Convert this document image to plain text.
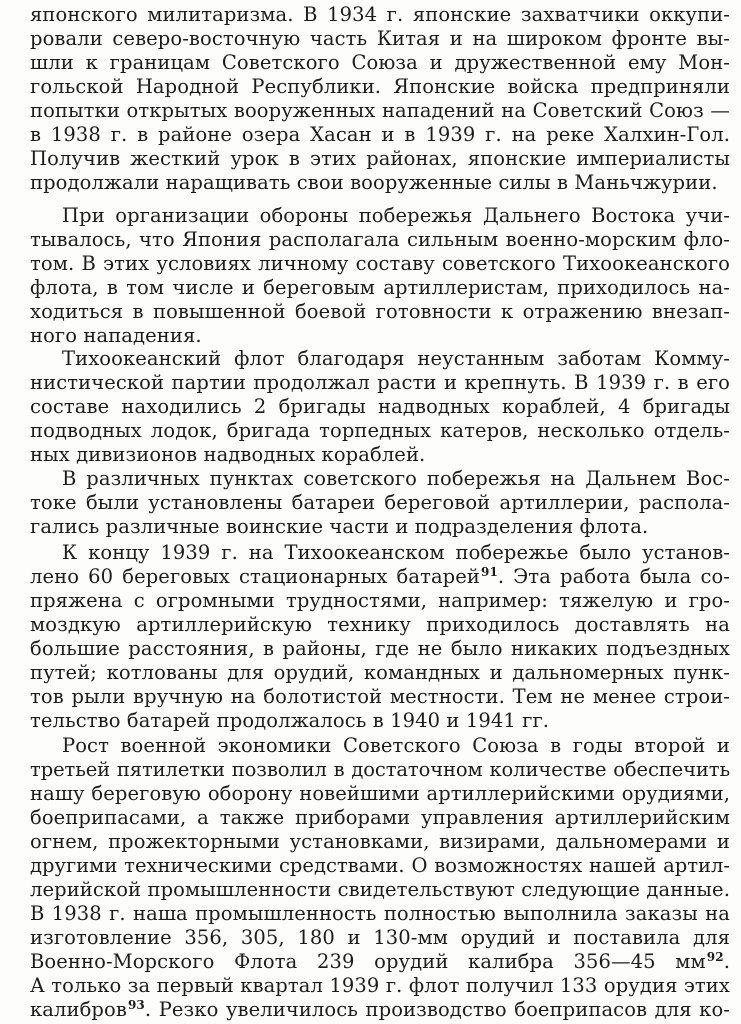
японского милитаризма. В 1934 г. японские захватчики оккупи-
ровали северо-восточную часть Китая и на широком фронте вы-
шли к границам Советского Союза и дружественной ему Мон-
гольской Народной Республики. Японские войска предприняли
попытки открытых вооруженных нападений на Советский Союз —
в 1938 г. в районе озера Хасан и в 1939 г. на реке Халхин-Гол.
Получив жесткий урок в этих районах, японские империалисты
продолжали наращивать свои вооруженные силы в Маньчжурии.
При организации обороны побережья Дальнего Востока учи-
тывалось, что Япония располагала сильным военно-морским фло-
том. В этих условиях личному составу советского Тихоокеанского
флота, в том числе и береговым артиллеристам, приходилось на-
ходиться в повышенной боевой готовности к отражению внезап-
ного нападения.
Тихоокеанский флот благодаря неустанным заботам Комму-
нистической партии продолжал расти и крепнуть. В 1939 г. в его
составе находились 2 бригады надводных кораблей, 4 бригады
подводных лодок, бригада торпедных катеров, несколько отдель-
ных дивизионов надводных кораблей.
В различных пунктах советского побережья на Дальнем Вос-
токе были установлены батареи береговой артиллерии, распола-
гались различные воинские части и подразделения флота.
К концу 1939 г. на Тихоокеанском побережье было установ-
лено 60 береговых стационарных батарей$^{91}$. Эта работа была со-
пряжена с огромными трудностями, например: тяжелую и гро-
моздкую артиллерийскую технику приходилось доставлять на
большие расстояния, в районы, где не было никаких подъездных
путей; котлованы для орудий, командных и дальномерных пунк-
тов рыли вручную на болотистой местности. Тем не менее строи-
тельство батарей продолжалось в 1940 и 1941 гг.
Рост военной экономики Советского Союза в годы второй и
третьей пятилетки позволил в достаточном количестве обеспечить
нашу береговую оборону новейшими артиллерийскими орудиями,
боеприпасами, а также приборами управления артиллерийским
огнем, прожекторными установками, визирами, дальномерами и
другими техническими средствами. О возможностях нашей артил-
лерийской промышленности свидетельствуют следующие данные.
В 1938 г. наша промышленность полностью выполнила заказы на
изготовление 356, 305, 180 и 130-мм орудий и поставила для
Военно-Морского Флота 239 орудий калибра 356—45 мм$^{92}$.
А только за первый квартал 1939 г. флот получил 133 орудия этих
калибров$^{93}$. Резко увеличилось производство боеприпасов для ко-
